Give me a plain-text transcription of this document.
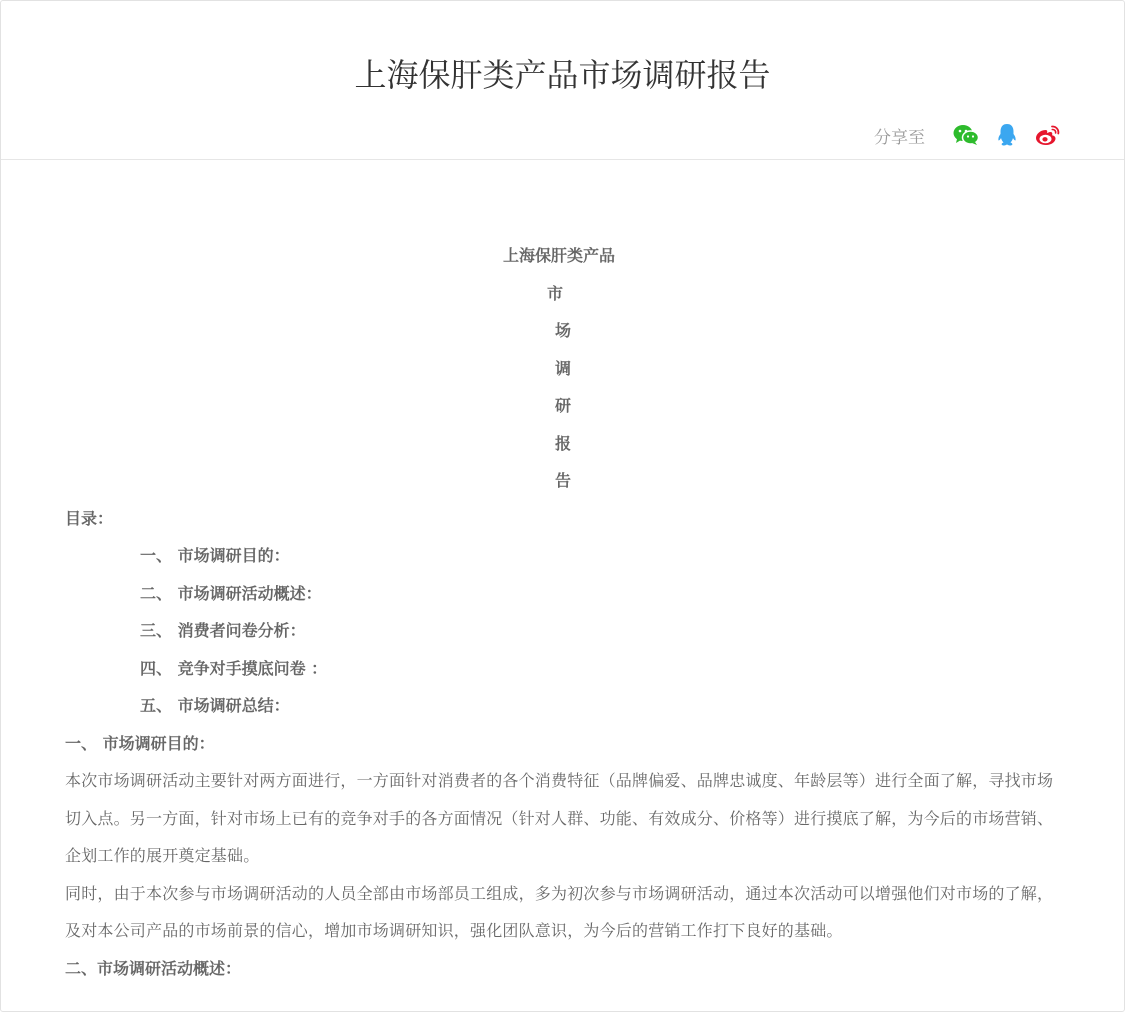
上海保肝类产品市场调研报告
分享至
上海保肝类产品
市
场
调
研
报
告
目录：
一、 市场调研目的：
二、 市场调研活动概述：
三、 消费者问卷分析：
四、 竞争对手摸底问卷 ：
五、 市场调研总结：
一、 市场调研目的：

本次市场调研活动主要针对两方面进行，一方面针对消费者的各个消费特征（品牌偏爱、品牌忠诚度、年龄层等）进行全面了解，寻找市场切入点。另一方面，针对市场上已有的竞争对手的各方面情况（针对人群、功能、有效成分、价格等）进行摸底了解，为今后的市场营销、企划工作的展开奠定基础。

同时，由于本次参与市场调研活动的人员全部由市场部员工组成，多为初次参与市场调研活动，通过本次活动可以增强他们对市场的了解，及对本公司产品的市场前景的信心，增加市场调研知识，强化团队意识，为今后的营销工作打下良好的基础。

二、市场调研活动概述：
